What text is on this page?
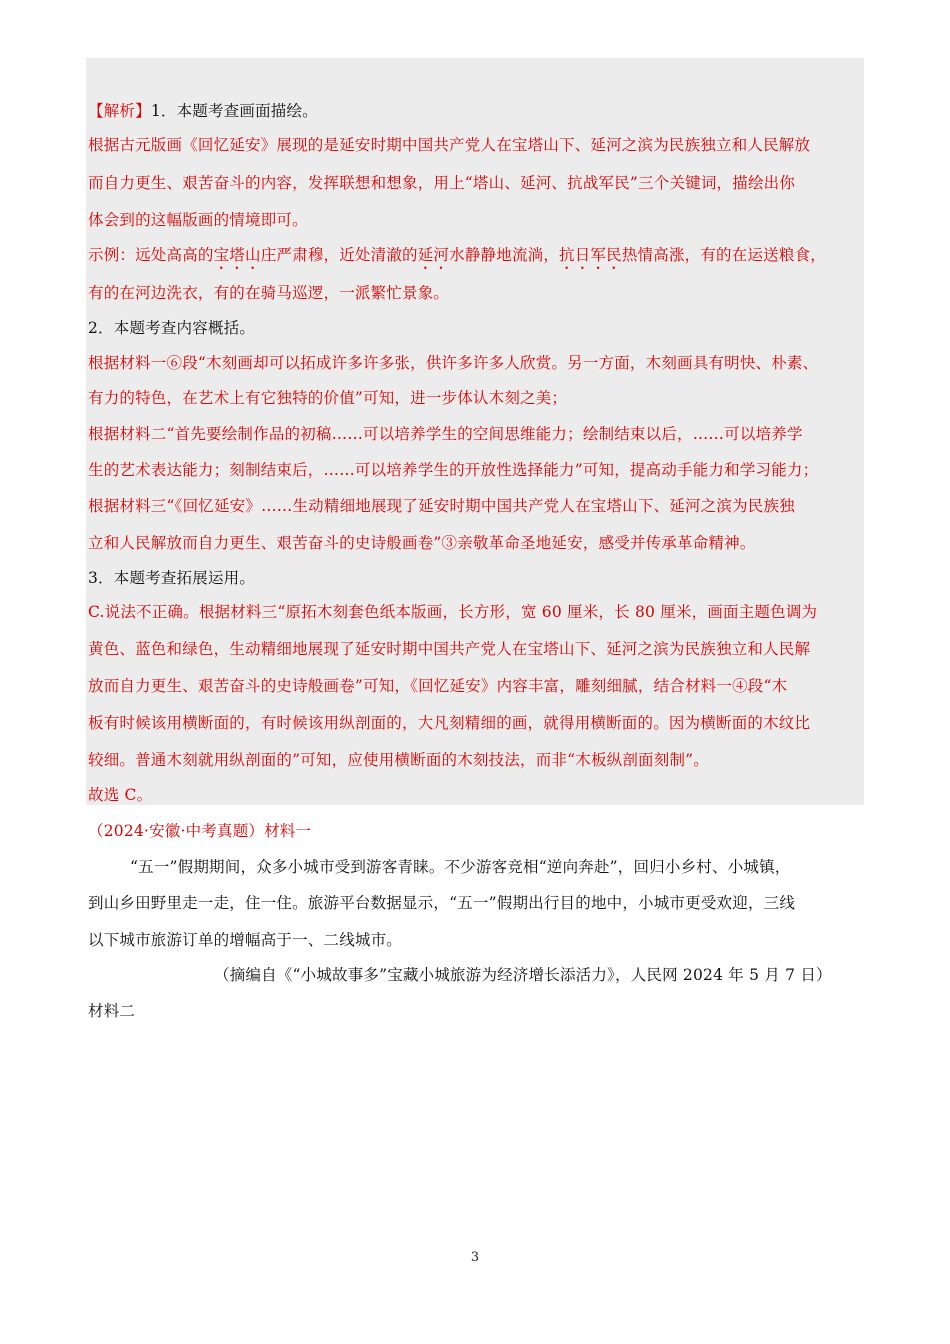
【解析】1．本题考查画面描绘。
根据古元版画《回忆延安》展现的是延安时期中国共产党人在宝塔山下、延河之滨为民族独立和人民解放
而自力更生、艰苦奋斗的内容，发挥联想和想象，用上“塔山、延河、抗战军民”三个关键词，描绘出你
体会到的这幅版画的情境即可。
示例：远处高高的宝塔山庄严肃穆，近处清澈的延河水静静地流淌，抗日军民热情高涨，有的在运送粮食，
有的在河边洗衣，有的在骑马巡逻，一派繁忙景象。
2．本题考查内容概括。
根据材料一⑥段“木刻画却可以拓成许多许多张，供许多许多人欣赏。另一方面，木刻画具有明快、朴素、
有力的特色，在艺术上有它独特的价值”可知，进一步体认木刻之美；
根据材料二“首先要绘制作品的初稿……可以培养学生的空间思维能力；绘制结束以后，……可以培养学
生的艺术表达能力；刻制结束后，……可以培养学生的开放性选择能力”可知，提高动手能力和学习能力；
根据材料三“《回忆延安》……生动精细地展现了延安时期中国共产党人在宝塔山下、延河之滨为民族独
立和人民解放而自力更生、艰苦奋斗的史诗般画卷”③亲敬革命圣地延安，感受并传承革命精神。
3．本题考查拓展运用。
C.说法不正确。根据材料三“原拓木刻套色纸本版画，长方形，宽 60 厘米，长 80 厘米，画面主题色调为
黄色、蓝色和绿色，生动精细地展现了延安时期中国共产党人在宝塔山下、延河之滨为民族独立和人民解
放而自力更生、艰苦奋斗的史诗般画卷”可知，《回忆延安》内容丰富，雕刻细腻，结合材料一④段“木
板有时候该用横断面的，有时候该用纵剖面的，大凡刻精细的画，就得用横断面的。因为横断面的木纹比
较细。普通木刻就用纵剖面的”可知，应使用横断面的木刻技法，而非“木板纵剖面刻制”。
故选 C。
（2024·安徽·中考真题）材料一
“五一”假期期间，众多小城市受到游客青睐。不少游客竞相“逆向奔赴”，回归小乡村、小城镇，
到山乡田野里走一走，住一住。旅游平台数据显示，“五一”假期出行目的地中，小城市更受欢迎，三线
以下城市旅游订单的增幅高于一、二线城市。
（摘编自《“小城故事多”宝藏小城旅游为经济增长添活力》，人民网 2024 年 5 月 7 日）
材料二
3
